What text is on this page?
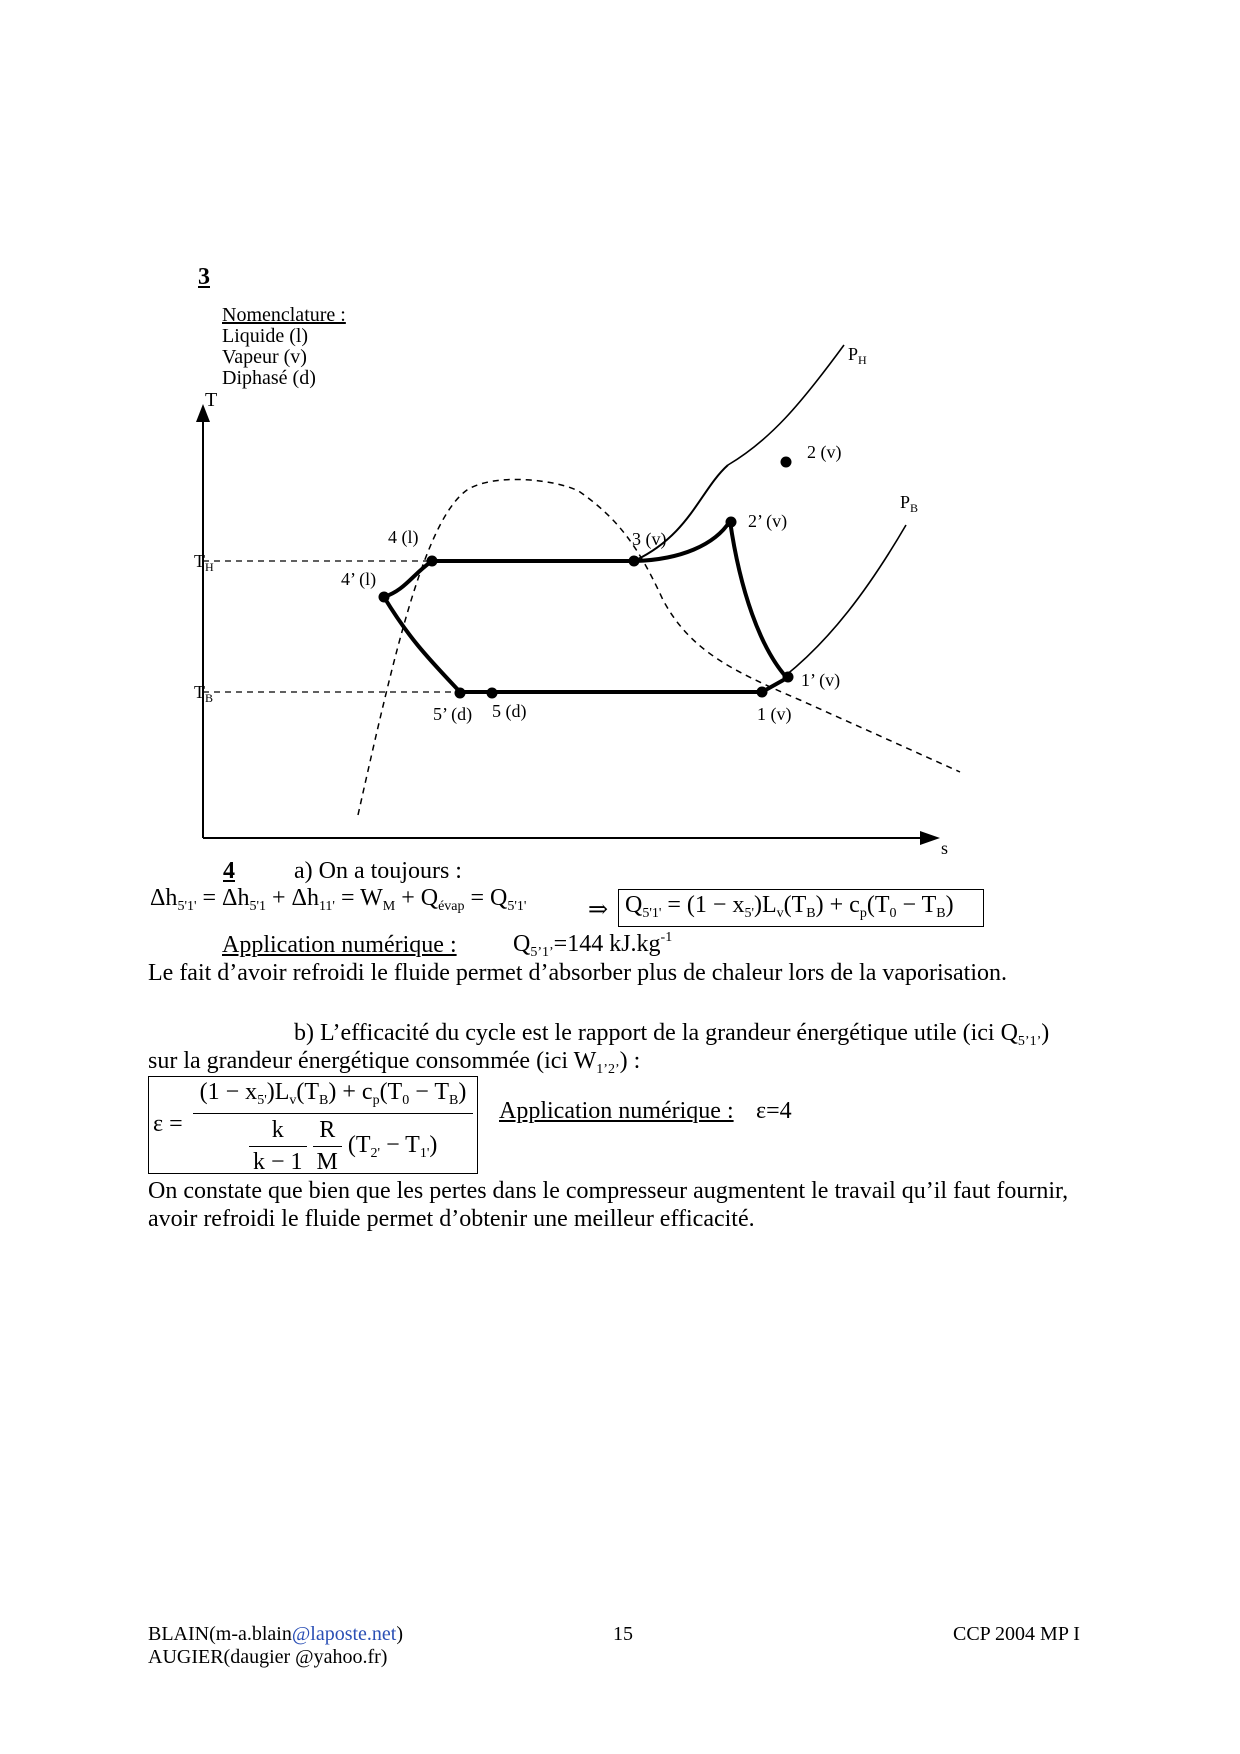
3
Nomenclature :
Liquide (l)
Vapeur (v)
Diphasé (d)
T
s
$T_H$
$T_B$
2 (v)
2’ (v)
3 (v)
4 (l)
4’ (l)
5’ (d) 5 (d)	1 (v)
1’ (v)
$P_H$
$P_B$
4 a) On a toujours :
$\Delta h_{5'1'} = \Delta h_{5'1} + \Delta h_{11'} = W_M + Q_{évap} = Q_{5'1'}$	⇒ $Q_{5'1'} = (1 - x_{5'})L_v(T_B) + c_p(T_0 - T_B)$
Application numérique : $Q_{5’1’}=144$ $kJ.kg^{-1}$
Le fait d’avoir refroidi le fluide permet d’absorber plus de chaleur lors de la vaporisation.
b) L’efficacité du cycle est le rapport de la grandeur énergétique utile (ici $Q_{5’1’}$)
sur la grandeur énergétique consommée (ici $W_{1’2’}$) :
ε =
$(1 - x_{5'})L_v(T_B) + c_p(T_0 - T_B)$
$\frac{k}{k - 1}$
$\frac{R}{M} (T_{2'} - T_{1'})$
Application numérique : ε=4
On constate que bien que les pertes dans le compresseur augmentent le travail qu’il faut fournir,
avoir refroidi le fluide permet d’obtenir une meilleur efficacité.
BLAIN(m-a.blain@laposte.net)
AUGIER(daugier @yahoo.fr)
15	CCP 2004 MP I
